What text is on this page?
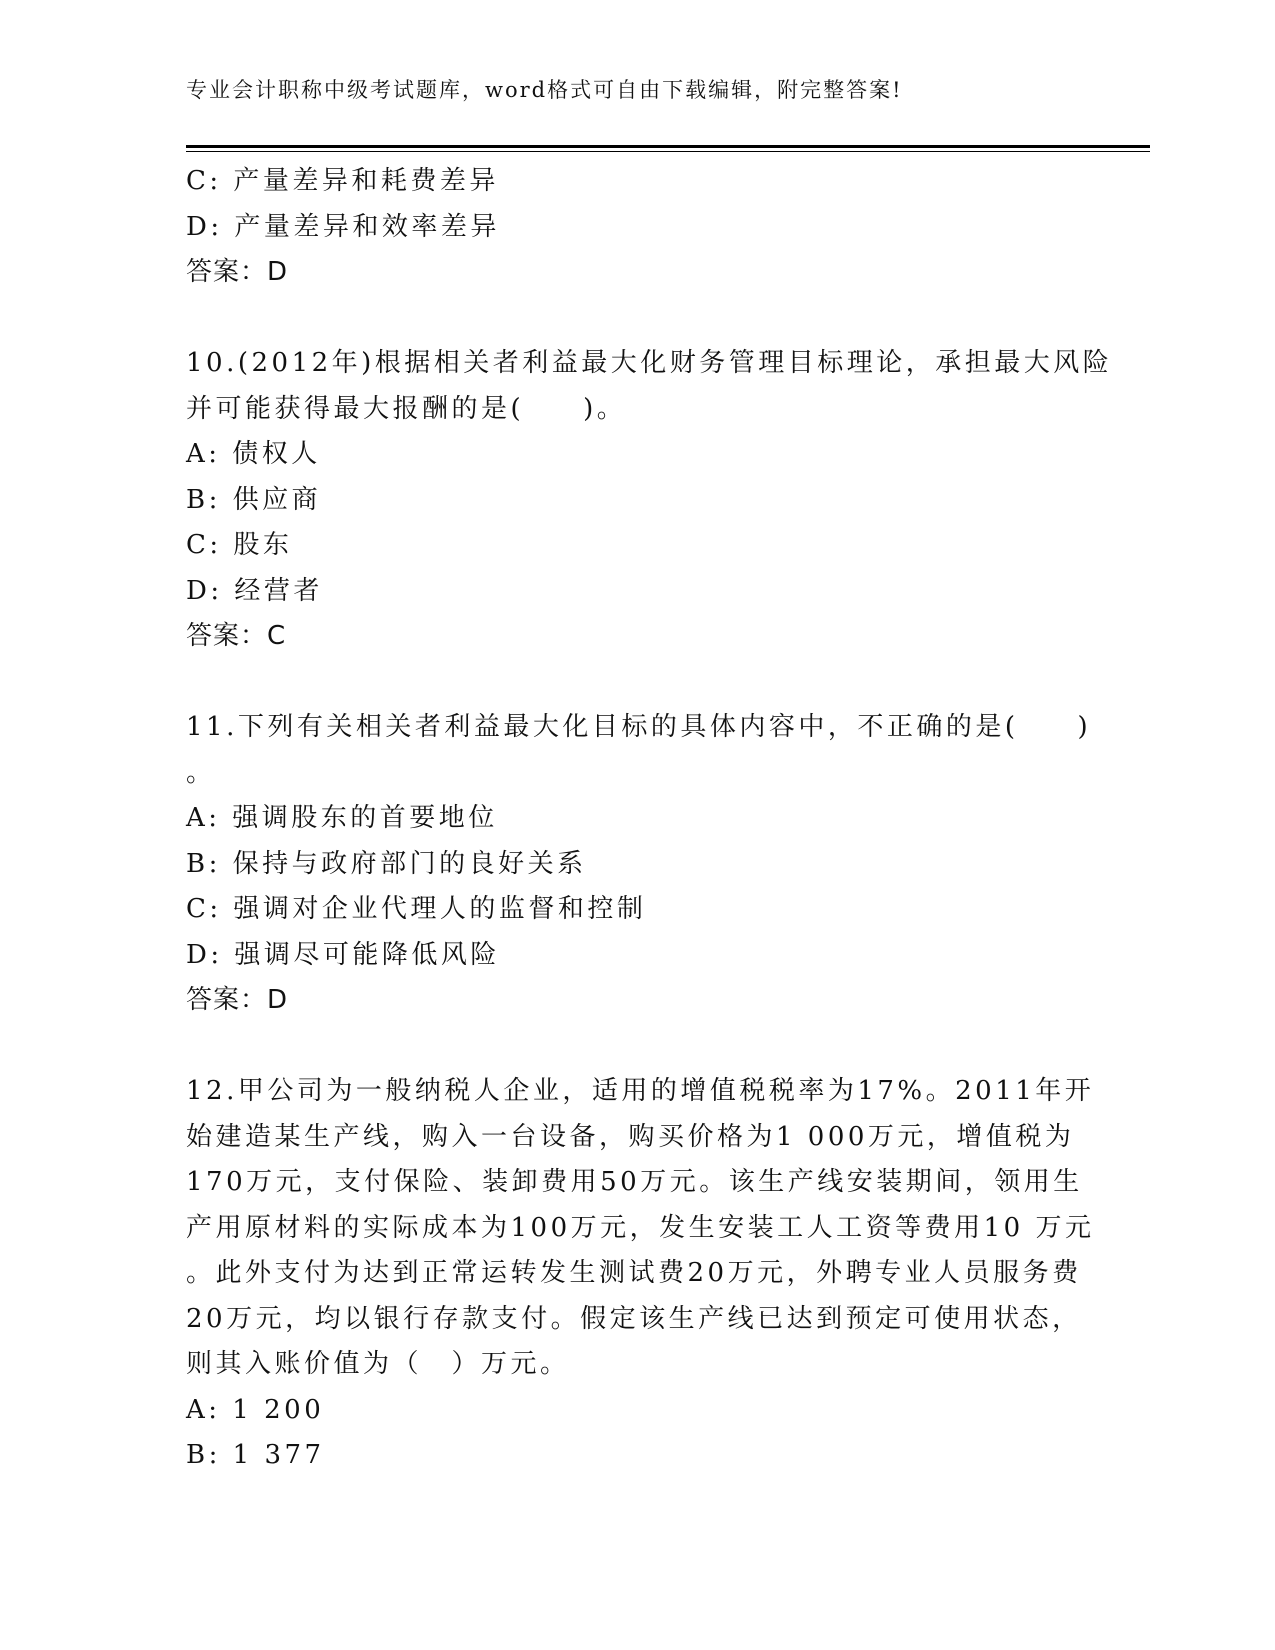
专业会计职称中级考试题库，word格式可自由下载编辑，附完整答案!
C: 产量差异和耗费差异
D: 产量差异和效率差异
答案：D
10.(2012年)根据相关者利益最大化财务管理目标理论，承担最大风险
并可能获得最大报酬的是(　　)。
A: 债权人
B: 供应商
C: 股东
D: 经营者
答案：C
11.下列有关相关者利益最大化目标的具体内容中，不正确的是(　　)
。
A: 强调股东的首要地位
B: 保持与政府部门的良好关系
C: 强调对企业代理人的监督和控制
D: 强调尽可能降低风险
答案：D
12.甲公司为一般纳税人企业，适用的增值税税率为17%。2011年开
始建造某生产线，购入一台设备，购买价格为1 000万元，增值税为
170万元，支付保险、装卸费用50万元。该生产线安装期间，领用生
产用原材料的实际成本为100万元，发生安装工人工资等费用10 万元
。此外支付为达到正常运转发生测试费20万元，外聘专业人员服务费
20万元，均以银行存款支付。假定该生产线已达到预定可使用状态，
则其入账价值为（　）万元。
A: 1 200
B: 1 377
